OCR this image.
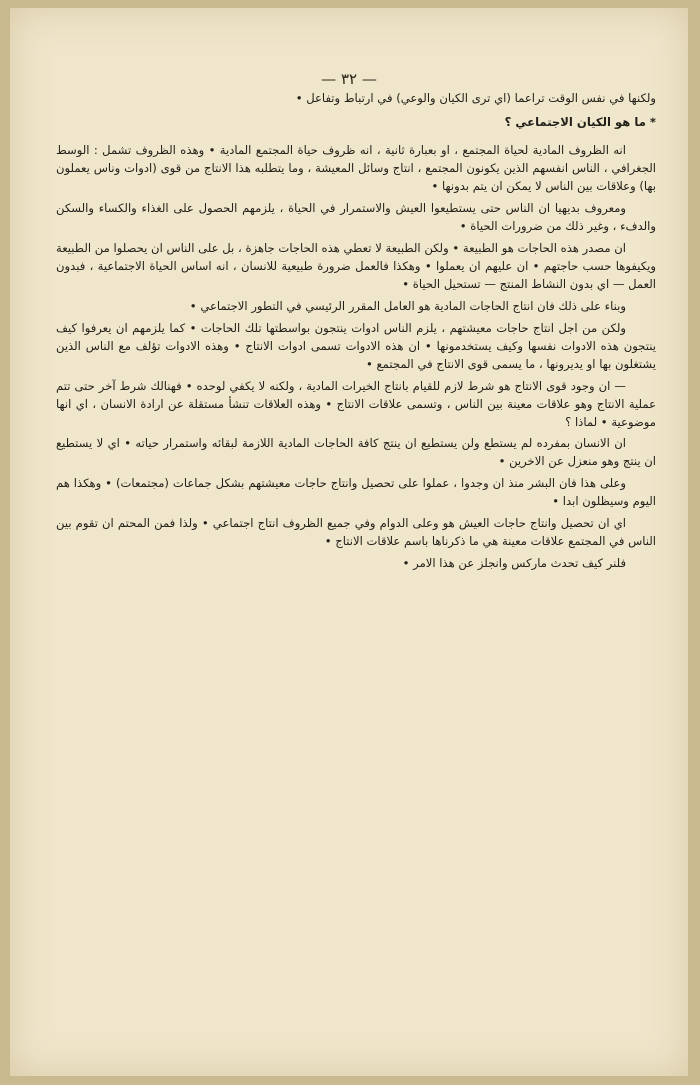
— ٣٢ —

ولكنها في نفس الوقت تراعما (اي ترى الكيان والوعي) في ارتباط وتفاعل •

* ما هو الكيان الاجتماعي ؟

انه الظروف المادية لحياة المجتمع ، او بعبارة ثانية ، انه ظروف حياة المجتمع المادية • وهذه الظروف تشمل : الوسط الجغرافي ، الناس انفسهم الذين يكونون المجتمع ، انتاج وسائل المعيشة ، وما يتطلبه هذا الانتاج من قوى (ادوات وناس يعملون بها) وعلاقات بين الناس لا يمكن ان يتم بدونها •

ومعروف بديهيا ان الناس حتى يستطيعوا العيش والاستمرار في الحياة ، يلزمهم الحصول على الغذاء والكساء والسكن والدفء ، وغير ذلك من ضرورات الحياة •

ان مصدر هذه الحاجات هو الطبيعة • ولكن الطبيعة لا تعطي هذه الحاجات جاهزة ، بل على الناس ان يحصلوا من الطبيعة ويكيفوها حسب حاجتهم • ان عليهم ان يعملوا • وهكذا فالعمل ضرورة طبيعية للانسان ، انه اساس الحياة الاجتماعية ، فبدون العمل — اي بدون النشاط المنتج — تستحيل الحياة •

وبناء على ذلك فان انتاج الحاجات المادية هو العامل المقرر الرئيسي في التطور الاجتماعي •

ولكن من اجل انتاج حاجات معيشتهم ، يلزم الناس ادوات ينتجون بواسطتها تلك الحاجات • كما يلزمهم ان يعرفوا كيف ينتجون هذه الادوات نفسها وكيف يستخدمونها • ان هذه الادوات تسمى ادوات الانتاج • وهذه الادوات تؤلف مع الناس الذين يشتغلون بها او يديرونها ، ما يسمى قوى الانتاج في المجتمع •

— ان وجود قوى الانتاج هو شرط لازم للقيام بانتاج الخيرات المادية ، ولكنه لا يكفي لوحده • فهنالك شرط آخر حتى تتم عملية الانتاج وهو علاقات معينة بين الناس ، وتسمى علاقات الانتاج • وهذه العلاقات تنشأ مستقلة عن ارادة الانسان ، اي انها موضوعية • لماذا ؟

ان الانسان بمفرده لم يستطع ولن يستطيع ان ينتج كافة الحاجات المادية اللازمة لبقائه واستمرار حياته • اي لا يستطيع ان ينتج وهو منعزل عن الاخرين •

وعلى هذا فان البشر منذ ان وجدوا ، عملوا على تحصيل وانتاج حاجات معيشتهم بشكل جماعات (مجتمعات) • وهكذا هم اليوم وسيظلون ابدا •

اي ان تحصيل وانتاج حاجات العيش هو وعلى الدوام وفي جميع الظروف انتاج اجتماعي • ولذا فمن المحتم ان تقوم بين الناس في المجتمع علاقات معينة هي ما ذكرناها باسم علاقات الانتاج •

فلنر كيف تحدث ماركس وانجلز عن هذا الامر •
